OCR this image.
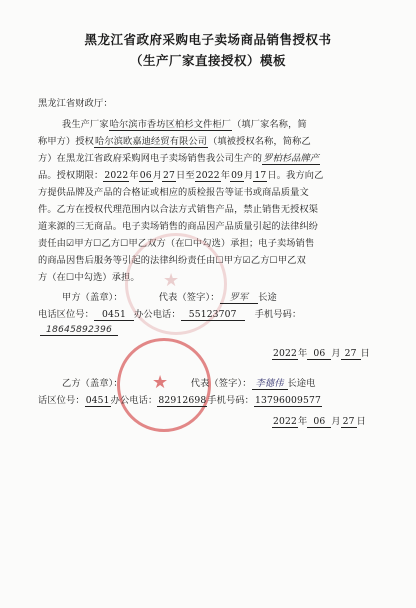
黑龙江省政府采购电子卖场商品销售授权书
（生产厂家直接授权）模板
黑龙江省财政厅：
我生产厂家哈尔滨市香坊区柏杉文件柜厂（填厂家名称，简
称甲方）授权哈尔滨欧嘉迪经贸有限公司（填被授权名称，简称乙
方）在黑龙江省政府采购网电子卖场销售我公司生产的罗柏杉品牌产
品。授权期限：2022年06月27日至2022年09月17日。我方向乙
方提供品牌及产品的合格证或相应的质检报告等证书或商品质量文
件。乙方在授权代理范围内以合法方式销售产品，禁止销售无授权渠
道来源的三无商品。电子卖场销售的商品因产品质量引起的法律纠纷
责任由☑甲方☐乙方☐甲乙双方（在☐中勾选）承担；电子卖场销售
的商品因售后服务等引起的法律纠纷责任由☐甲方☑乙方☐甲乙双
方（在☐中勾选）承担。 ★
甲方（盖章）：	代表（签字）： 罗军 长途
电话区位号： 0451 办公电话： 55123707 手机号码：
18645892396
2022年 06 月 27 日
★
乙方（盖章）：	代表（签字）： 李德伟 长途电
话区位号：0451办公电话：82912698手机号码：13796009577
2022年 06 月 27 日
